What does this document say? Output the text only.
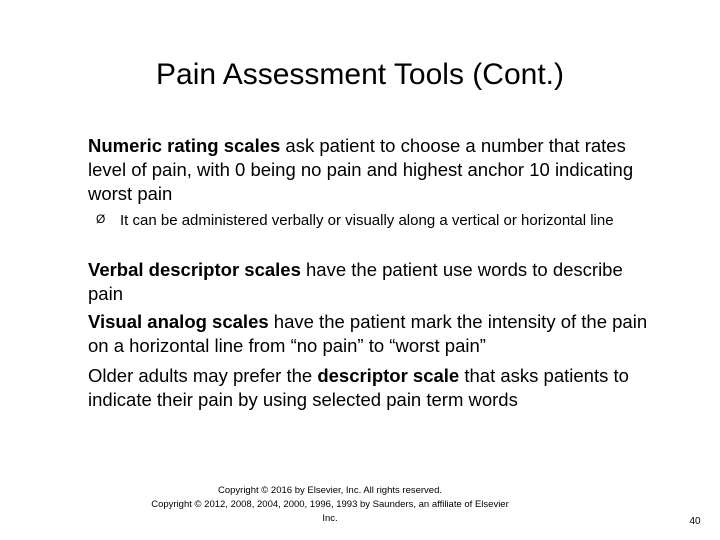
Pain Assessment Tools (Cont.)
Numeric rating scales ask patient to choose a number that rates level of pain, with 0 being no pain and highest anchor 10 indicating worst pain
Ø It can be administered verbally or visually along a vertical or horizontal line
Verbal descriptor scales have the patient use words to describe pain
Visual analog scales have the patient mark the intensity of the pain on a horizontal line from “no pain” to “worst pain”
Older adults may prefer the descriptor scale that asks patients to indicate their pain by using selected pain term words
Copyright © 2016 by Elsevier, Inc. All rights reserved.
Copyright © 2012, 2008, 2004, 2000, 1996, 1993 by Saunders, an affiliate of Elsevier Inc.	40
